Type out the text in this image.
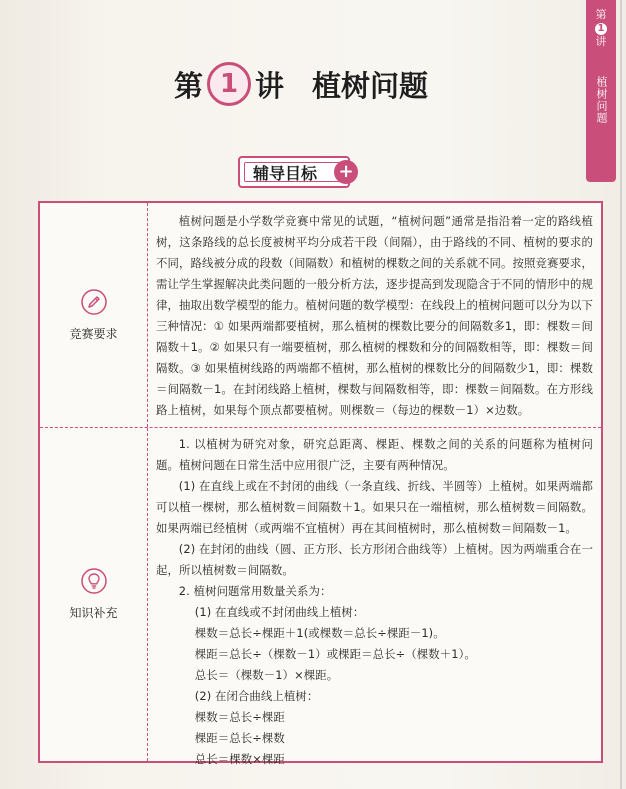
第
1
讲
植树问题
第 1 讲 植树问题
辅导目标 +
竞赛要求

植树问题是小学数学竞赛中常见的试题，“植树问题”通常是指沿着一定的路线植树，这条路线的总长度被树平均分成若干段（间隔），由于路线的不同、植树的要求的不同，路线被分成的段数（间隔数）和植树的棵数之间的关系就不同。按照竞赛要求，需让学生掌握解决此类问题的一般分析方法，逐步提高到发现隐含于不同的情形中的规律，抽取出数学模型的能力。植树问题的数学模型：在线段上的植树问题可以分为以下三种情况：① 如果两端都要植树，那么植树的棵数比要分的间隔数多1，即：棵数＝间隔数＋1。② 如果只有一端要植树，那么植树的棵数和分的间隔数相等，即：棵数＝间隔数。③ 如果植树线路的两端都不植树，那么植树的棵数比分的间隔数少1，即：棵数＝间隔数－1。在封闭线路上植树，棵数与间隔数相等，即：棵数＝间隔数。在方形线路上植树，如果每个顶点都要植树。则棵数＝（每边的棵数－1）×边数。

知识补充

1. 以植树为研究对象，研究总距离、棵距、棵数之间的关系的问题称为植树问题。植树问题在日常生活中应用很广泛，主要有两种情况。

(1) 在直线上或在不封闭的曲线（一条直线、折线、半圆等）上植树。如果两端都可以植一棵树，那么植树数＝间隔数＋1。如果只在一端植树，那么植树数＝间隔数。如果两端已经植树（或两端不宜植树）再在其间植树时，那么植树数＝间隔数－1。

(2) 在封闭的曲线（圆、正方形、长方形闭合曲线等）上植树。因为两端重合在一起，所以植树数＝间隔数。

2. 植树问题常用数量关系为：

(1) 在直线或不封闭曲线上植树：

棵数＝总长÷棵距＋1(或棵数＝总长÷棵距－1)。

棵距＝总长÷（棵数－1）或棵距＝总长÷（棵数＋1）。

总长＝（棵数－1）×棵距。

(2) 在闭合曲线上植树：

棵数＝总长÷棵距

棵距＝总长÷棵数

总长＝棵数×棵距
